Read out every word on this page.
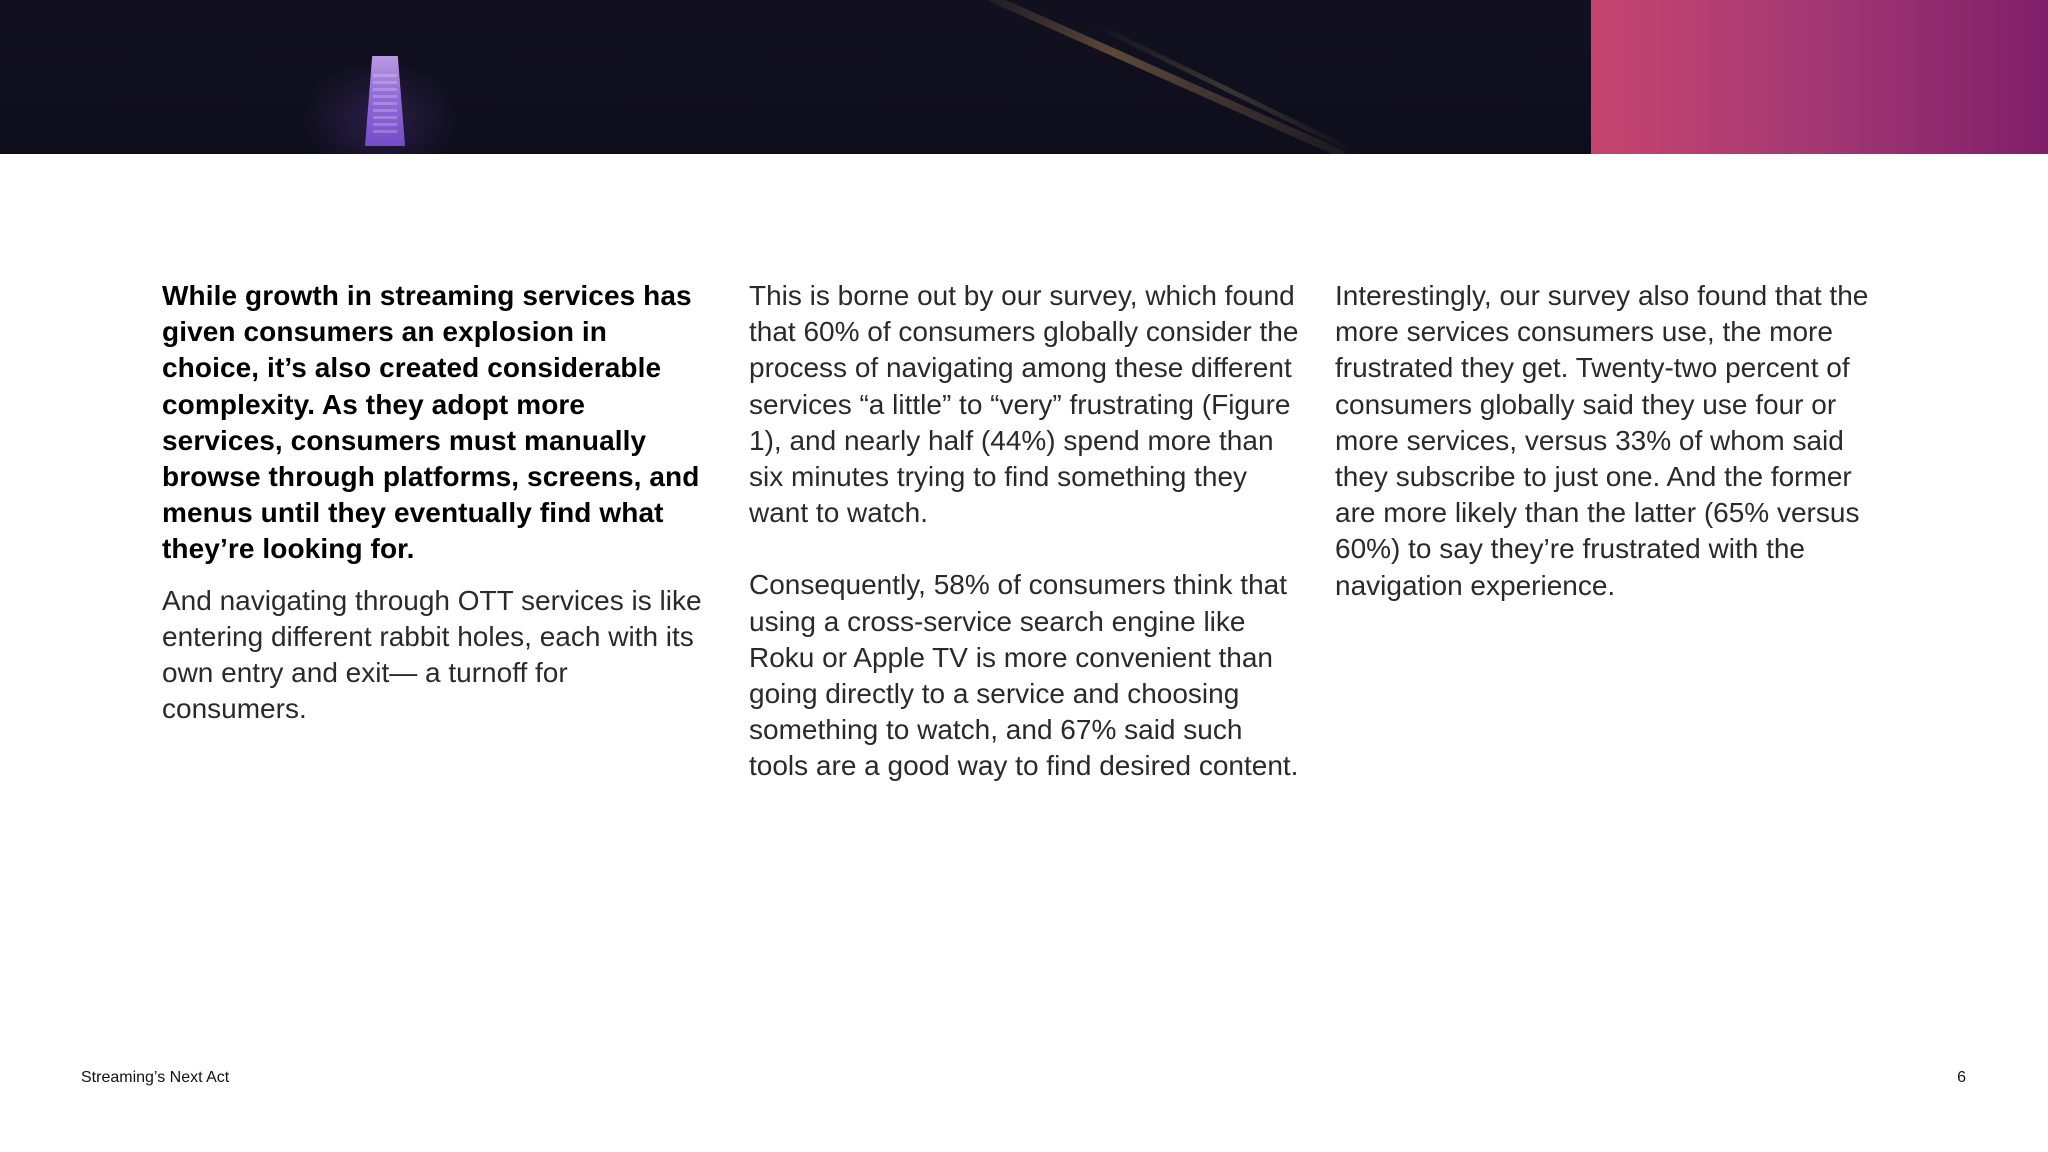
While growth in streaming services has given consumers an explosion in choice, it’s also created considerable complexity. As they adopt more services, consumers must manually browse through platforms, screens, and menus until they eventually find what they’re looking for.

And navigating through OTT services is like entering different rabbit holes, each with its own entry and exit— a turnoff for consumers.

This is borne out by our survey, which found that 60% of consumers globally consider the process of navigating among these different services “a little” to “very” frustrating (Figure 1), and nearly half (44%) spend more than six minutes trying to find something they want to watch.

Consequently, 58% of consumers think that using a cross-service search engine like Roku or Apple TV is more convenient than going directly to a service and choosing something to watch, and 67% said such tools are a good way to find desired content.

Interestingly, our survey also found that the more services consumers use, the more frustrated they get. Twenty-two percent of consumers globally said they use four or more services, versus 33% of whom said they subscribe to just one. And the former are more likely than the latter (65% versus 60%) to say they’re frustrated with the navigation experience.

Streaming’s Next Act	6
